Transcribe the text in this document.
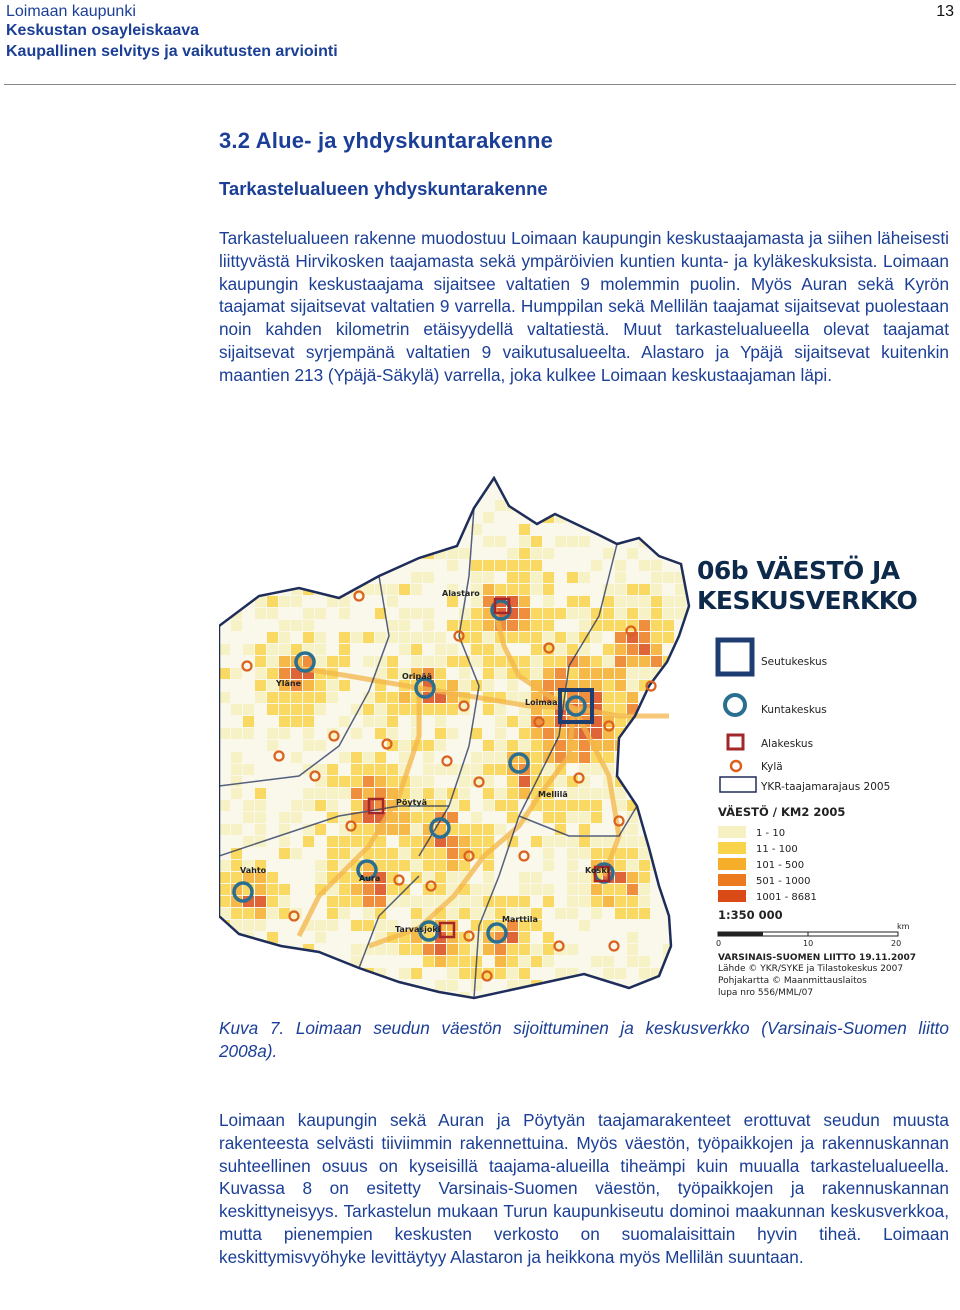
Loimaan kaupunki
Keskustan osayleiskaava
Kaupallinen selvitys ja vaikutusten arviointi
13
3.2 Alue- ja yhdyskuntarakenne
Tarkastelualueen yhdyskuntarakenne

Tarkastelualueen rakenne muodostuu Loimaan kaupungin keskustaajamasta ja siihen läheisesti liittyvästä Hirvikosken taajamasta sekä ympäröivien kuntien kunta- ja kyläkeskuksista. Loimaan kaupungin keskustaajama sijaitsee valtatien 9 molemmin puolin. Myös Auran sekä Kyrön taajamat sijaitsevat valtatien 9 varrella. Humppilan sekä Mellilän taajamat sijaitsevat puolestaan noin kahden kilometrin etäisyydellä valtatiestä. Muut tarkastelualueella olevat taajamat sijaitsevat syrjempänä valtatien 9 vaikutusalueelta. Alastaro ja Ypäjä sijaitsevat kuitenkin maantien 213 (Ypäjä-Säkylä) varrella, joka kulkee Loimaan keskustaajaman läpi.

Alastaro
Yläne
Oripää
Loimaa
Pöytyä
Mellilä
Vahto
Aura
Koski
Marttila
Tarvasjoki
Seutukeskus
Kuntakeskus
Alakeskus
Kylä
YKR-taajamarajaus 2005
VÄESTÖ / KM2 2005
1 - 10
11 - 100
101 - 500
501 - 1000
1001 - 8681
1:350 000
0	10	20
km
VARSINAIS-SUOMEN LIITTO 19.11.2007
Lähde © YKR/SYKE ja Tilastokeskus 2007
Pohjakartta © Maanmittauslaitos
lupa nro 556/MML/07
06b VÄESTÖ JA
KESKUSVERKKO
Kuva 7. Loimaan seudun väestön sijoittuminen ja keskusverkko (Varsinais-Suomen liitto 2008a).

Loimaan kaupungin sekä Auran ja Pöytyän taajamarakenteet erottuvat seudun muusta rakenteesta selvästi tiiviimmin rakennettuina. Myös väestön, työpaikkojen ja rakennuskannan suhteellinen osuus on kyseisillä taajama-alueilla tiheämpi kuin muualla tarkastelualueella. Kuvassa 8 on esitetty Varsinais-Suomen väestön, työpaikkojen ja rakennuskannan keskittyneisyys. Tarkastelun mukaan Turun kaupunkiseutu dominoi maakunnan keskusverkkoa, mutta pienempien keskusten verkosto on suomalaisittain hyvin tiheä. Loimaan keskittymisvyöhyke levittäytyy Alastaron ja heikkona myös Mellilän suuntaan.
